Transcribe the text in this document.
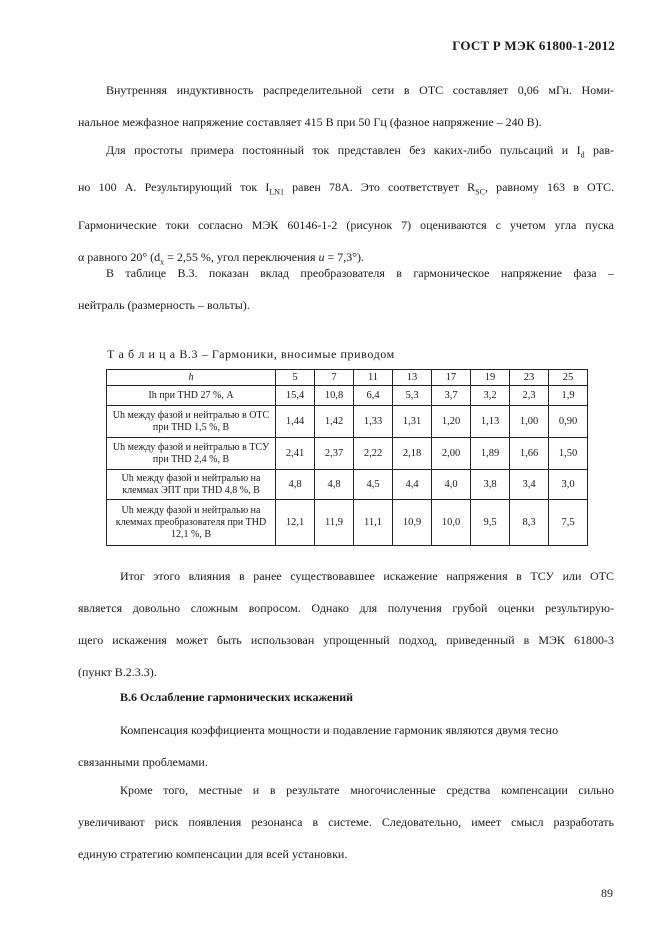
ГОСТ Р МЭК 61800-1-2012
Внутренняя индуктивность распределительной сети в ОТС составляет 0,06 мГн. Номи-
нальное межфазное напряжение составляет 415 В при 50 Гц (фазное напряжение – 240 В).
Для простоты примера постоянный ток представлен без каких-либо пульсаций и $I_d$ рав-
но 100 А. Результирующий ток $I_{LN1}$ равен 78А. Это соответствует $R_{SC}$, равному 163 в ОТС.
Гармонические токи согласно МЭК 60146-1-2 (рисунок 7) оцениваются с учетом угла пуска
α равного 20° ($d_x = 2,55$ %, угол переключения u = 7,3°).
В таблице В.3. показан вклад преобразователя в гармоническое напряжение фаза –
нейтраль (размерность – вольты).
Т а б л и ц а В.3 – Гармоники, вносимые приводом
h	5	7	11	13	17	19	23	25
Ih при THD 27 %, А	15,4	10,8	6,4	5,3	3,7	3,2	2,3	1,9
Uh между фазой и нейтралью в ОТС при THD 1,5 %, В	1,44	1,42	1,33	1,31	1,20	1,13	1,00	0,90
Uh между фазой и нейтралью в ТСУ при THD 2,4 %, В	2,41	2,37	2,22	2,18	2,00	1,89	1,66	1,50
Uh между фазой и нейтралью на клеммах ЭПТ при THD 4,8 %, В	4,8	4,8	4,5	4,4	4,0	3,8	3,4	3,0
Uh между фазой и нейтралью на клеммах преобразователя при THD 12,1 %, В	12,1	11,9	11,1	10,9	10,0	9,5	8,3	7,5
Итог этого влияния в ранее существовавшее искажение напряжения в ТСУ или ОТС
является довольно сложным вопросом. Однако для получения грубой оценки результирую-
щего искажения может быть использован упрощенный подход, приведенный в МЭК 61800-3
(пункт В.2.3.3).
В.6 Ослабление гармонических искажений
Компенсация коэффициента мощности и подавление гармоник являются двумя тесно
связанными проблемами.
Кроме того, местные и в результате многочисленные средства компенсации сильно
увеличивают риск появления резонанса в системе. Следовательно, имеет смысл разработать
единую стратегию компенсации для всей установки.
89
